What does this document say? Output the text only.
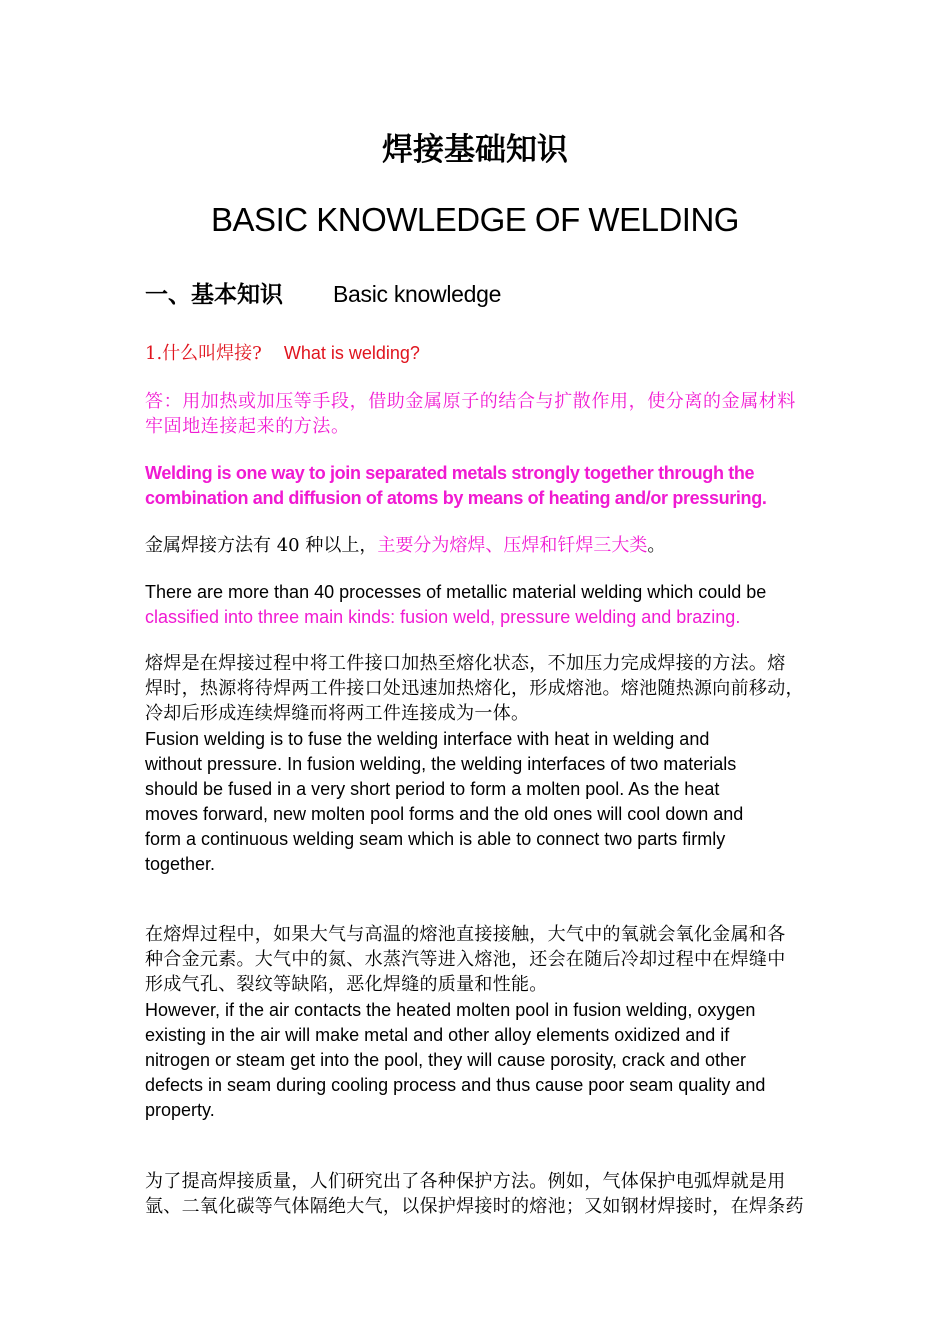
焊接基础知识
BASIC KNOWLEDGE OF WELDING
一、基本知识 Basic knowledge
1.什么叫焊接? What is welding?
答：用加热或加压等手段，借助金属原子的结合与扩散作用，使分离的金属材料
牢固地连接起来的方法。
Welding is one way to join separated metals strongly together through the
combination and diffusion of atoms by means of heating and/or pressuring.
金属焊接方法有 40 种以上，主要分为熔焊、压焊和钎焊三大类。
There are more than 40 processes of metallic material welding which could be
classified into three main kinds: fusion weld, pressure welding and brazing.
熔焊是在焊接过程中将工件接口加热至熔化状态，不加压力完成焊接的方法。熔
焊时，热源将待焊两工件接口处迅速加热熔化，形成熔池。熔池随热源向前移动，
冷却后形成连续焊缝而将两工件连接成为一体。
Fusion welding is to fuse the welding interface with heat in welding and
without pressure. In fusion welding, the welding interfaces of two materials
should be fused in a very short period to form a molten pool. As the heat
moves forward, new molten pool forms and the old ones will cool down and
form a continuous welding seam which is able to connect two parts firmly
together.
在熔焊过程中，如果大气与高温的熔池直接接触，大气中的氧就会氧化金属和各
种合金元素。大气中的氮、水蒸汽等进入熔池，还会在随后冷却过程中在焊缝中
形成气孔、裂纹等缺陷，恶化焊缝的质量和性能。
However, if the air contacts the heated molten pool in fusion welding, oxygen
existing in the air will make metal and other alloy elements oxidized and if
nitrogen or steam get into the pool, they will cause porosity, crack and other
defects in seam during cooling process and thus cause poor seam quality and
property.
为了提高焊接质量，人们研究出了各种保护方法。例如，气体保护电弧焊就是用
氩、二氧化碳等气体隔绝大气，以保护焊接时的熔池；又如钢材焊接时，在焊条药
